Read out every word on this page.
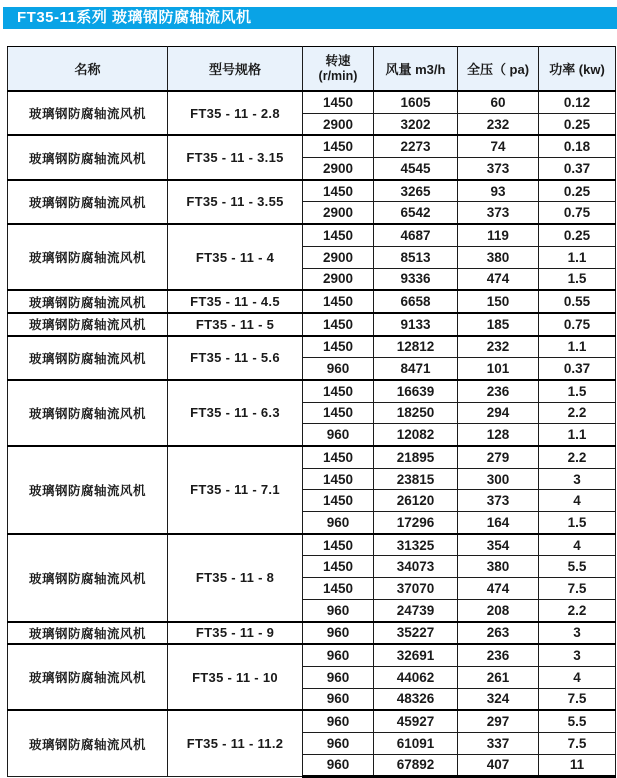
FT35-11系列 玻璃钢防腐轴流风机
名称	型号规格	转速
(r/min)	风量 m3/h	全压（ pa)	功率 (kw)
玻璃钢防腐轴流风机	FT35 - 11 - 2.8	1450	1605	60	0.12
		2900	3202	232	0.25
玻璃钢防腐轴流风机	FT35 - 11 - 3.15	1450	2273	74	0.18
		2900	4545	373	0.37
玻璃钢防腐轴流风机	FT35 - 11 - 3.55	1450	3265	93	0.25
		2900	6542	373	0.75
玻璃钢防腐轴流风机	FT35 - 11 - 4	1450	4687	119	0.25
		2900	8513	380	1.1
		2900	9336	474	1.5
玻璃钢防腐轴流风机	FT35 - 11 - 4.5	1450	6658	150	0.55
玻璃钢防腐轴流风机	FT35 - 11 - 5	1450	9133	185	0.75
玻璃钢防腐轴流风机	FT35 - 11 - 5.6	1450	12812	232	1.1
		960	8471	101	0.37
玻璃钢防腐轴流风机	FT35 - 11 - 6.3	1450	16639	236	1.5
		1450	18250	294	2.2
		960	12082	128	1.1
玻璃钢防腐轴流风机	FT35 - 11 - 7.1	1450	21895	279	2.2
		1450	23815	300	3
		1450	26120	373	4
		960	17296	164	1.5
玻璃钢防腐轴流风机	FT35 - 11 - 8	1450	31325	354	4
		1450	34073	380	5.5
		1450	37070	474	7.5
		960	24739	208	2.2
玻璃钢防腐轴流风机	FT35 - 11 - 9	960	35227	263	3
玻璃钢防腐轴流风机	FT35 - 11 - 10	960	32691	236	3
		960	44062	261	4
		960	48326	324	7.5
玻璃钢防腐轴流风机	FT35 - 11 - 11.2	960	45927	297	5.5
		960	61091	337	7.5
		960	67892	407	11
